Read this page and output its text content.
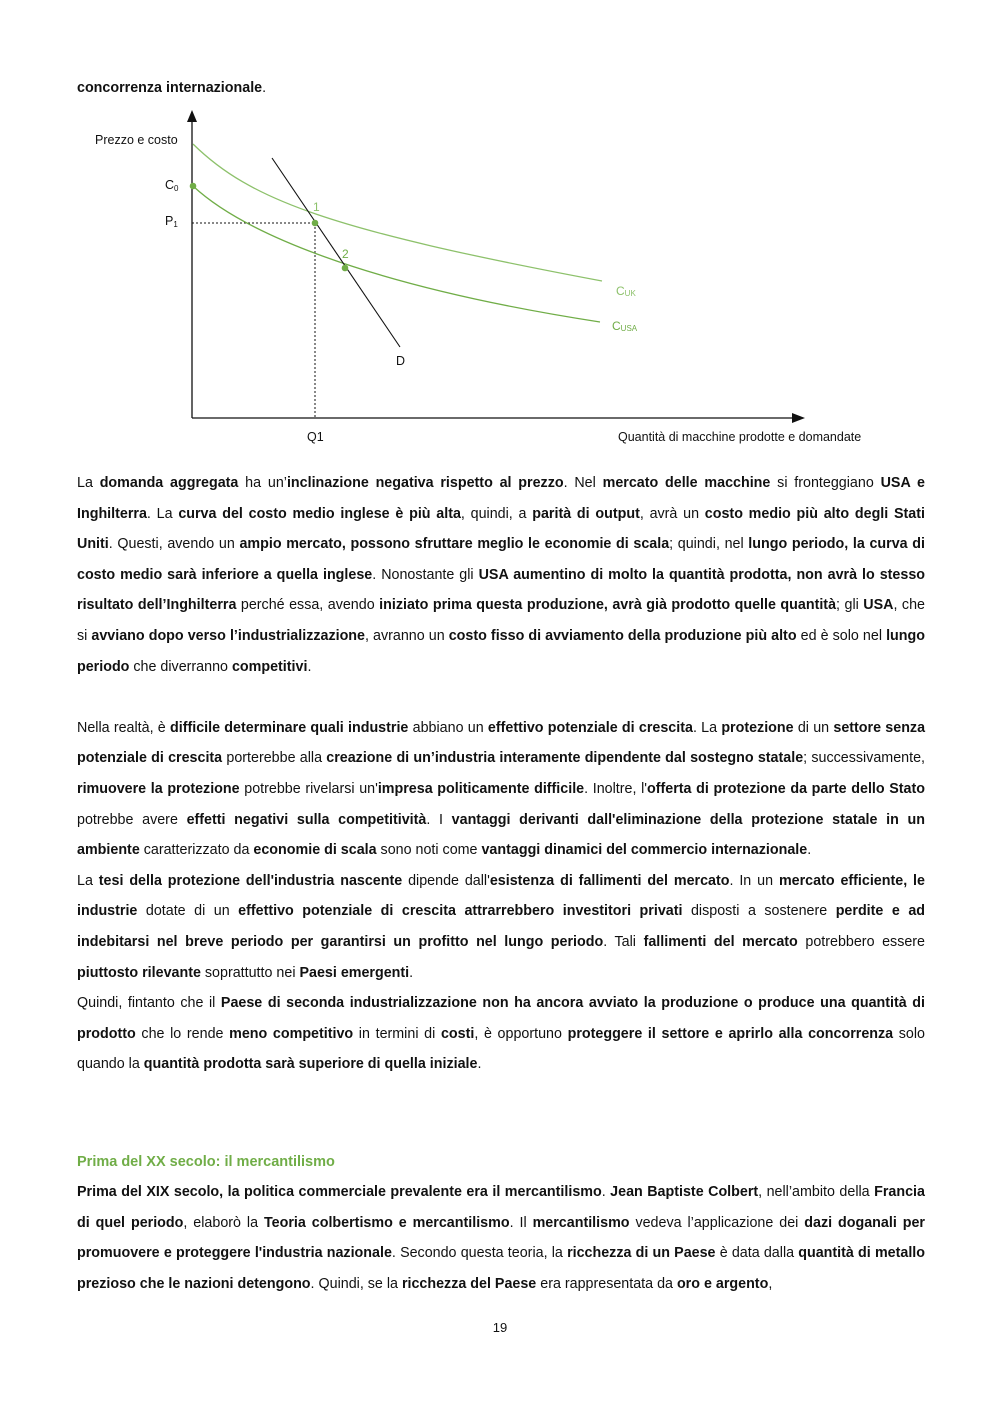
concorrenza internazionale.
Prezzo e costo
Quantità di macchine prodotte e domandate
C0
P1
Q1
1
2
CUK
CUSA
D

La domanda aggregata ha un’inclinazione negativa rispetto al prezzo. Nel mercato delle macchine si fronteggiano USA e Inghilterra. La curva del costo medio inglese è più alta, quindi, a parità di output, avrà un costo medio più alto degli Stati Uniti. Questi, avendo un ampio mercato, possono sfruttare meglio le economie di scala; quindi, nel lungo periodo, la curva di costo medio sarà inferiore a quella inglese. Nonostante gli USA aumentino di molto la quantità prodotta, non avrà lo stesso risultato dell’Inghilterra perché essa, avendo iniziato prima questa produzione, avrà già prodotto quelle quantità; gli USA, che si avviano dopo verso l’industrializzazione, avranno un costo fisso di avviamento della produzione più alto ed è solo nel lungo periodo che diverranno competitivi.

Nella realtà, è difficile determinare quali industrie abbiano un effettivo potenziale di crescita. La protezione di un settore senza potenziale di crescita porterebbe alla creazione di un’industria interamente dipendente dal sostegno statale; successivamente, rimuovere la protezione potrebbe rivelarsi un'impresa politicamente difficile. Inoltre, l'offerta di protezione da parte dello Stato potrebbe avere effetti negativi sulla competitività. I vantaggi derivanti dall'eliminazione della protezione statale in un ambiente caratterizzato da economie di scala sono noti come vantaggi dinamici del commercio internazionale.

La tesi della protezione dell'industria nascente dipende dall'esistenza di fallimenti del mercato. In un mercato efficiente, le industrie dotate di un effettivo potenziale di crescita attrarrebbero investitori privati disposti a sostenere perdite e ad indebitarsi nel breve periodo per garantirsi un profitto nel lungo periodo. Tali fallimenti del mercato potrebbero essere piuttosto rilevante soprattutto nei Paesi emergenti.

Quindi, fintanto che il Paese di seconda industrializzazione non ha ancora avviato la produzione o produce una quantità di prodotto che lo rende meno competitivo in termini di costi, è opportuno proteggere il settore e aprirlo alla concorrenza solo quando la quantità prodotta sarà superiore di quella iniziale.

Prima del XX secolo: il mercantilismo

Prima del XIX secolo, la politica commerciale prevalente era il mercantilismo. Jean Baptiste Colbert, nell’ambito della Francia di quel periodo, elaborò la Teoria colbertismo e mercantilismo. Il mercantilismo vedeva l’applicazione dei dazi doganali per promuovere e proteggere l'industria nazionale. Secondo questa teoria, la ricchezza di un Paese è data dalla quantità di metallo prezioso che le nazioni detengono. Quindi, se la ricchezza del Paese era rappresentata da oro e argento,

19
